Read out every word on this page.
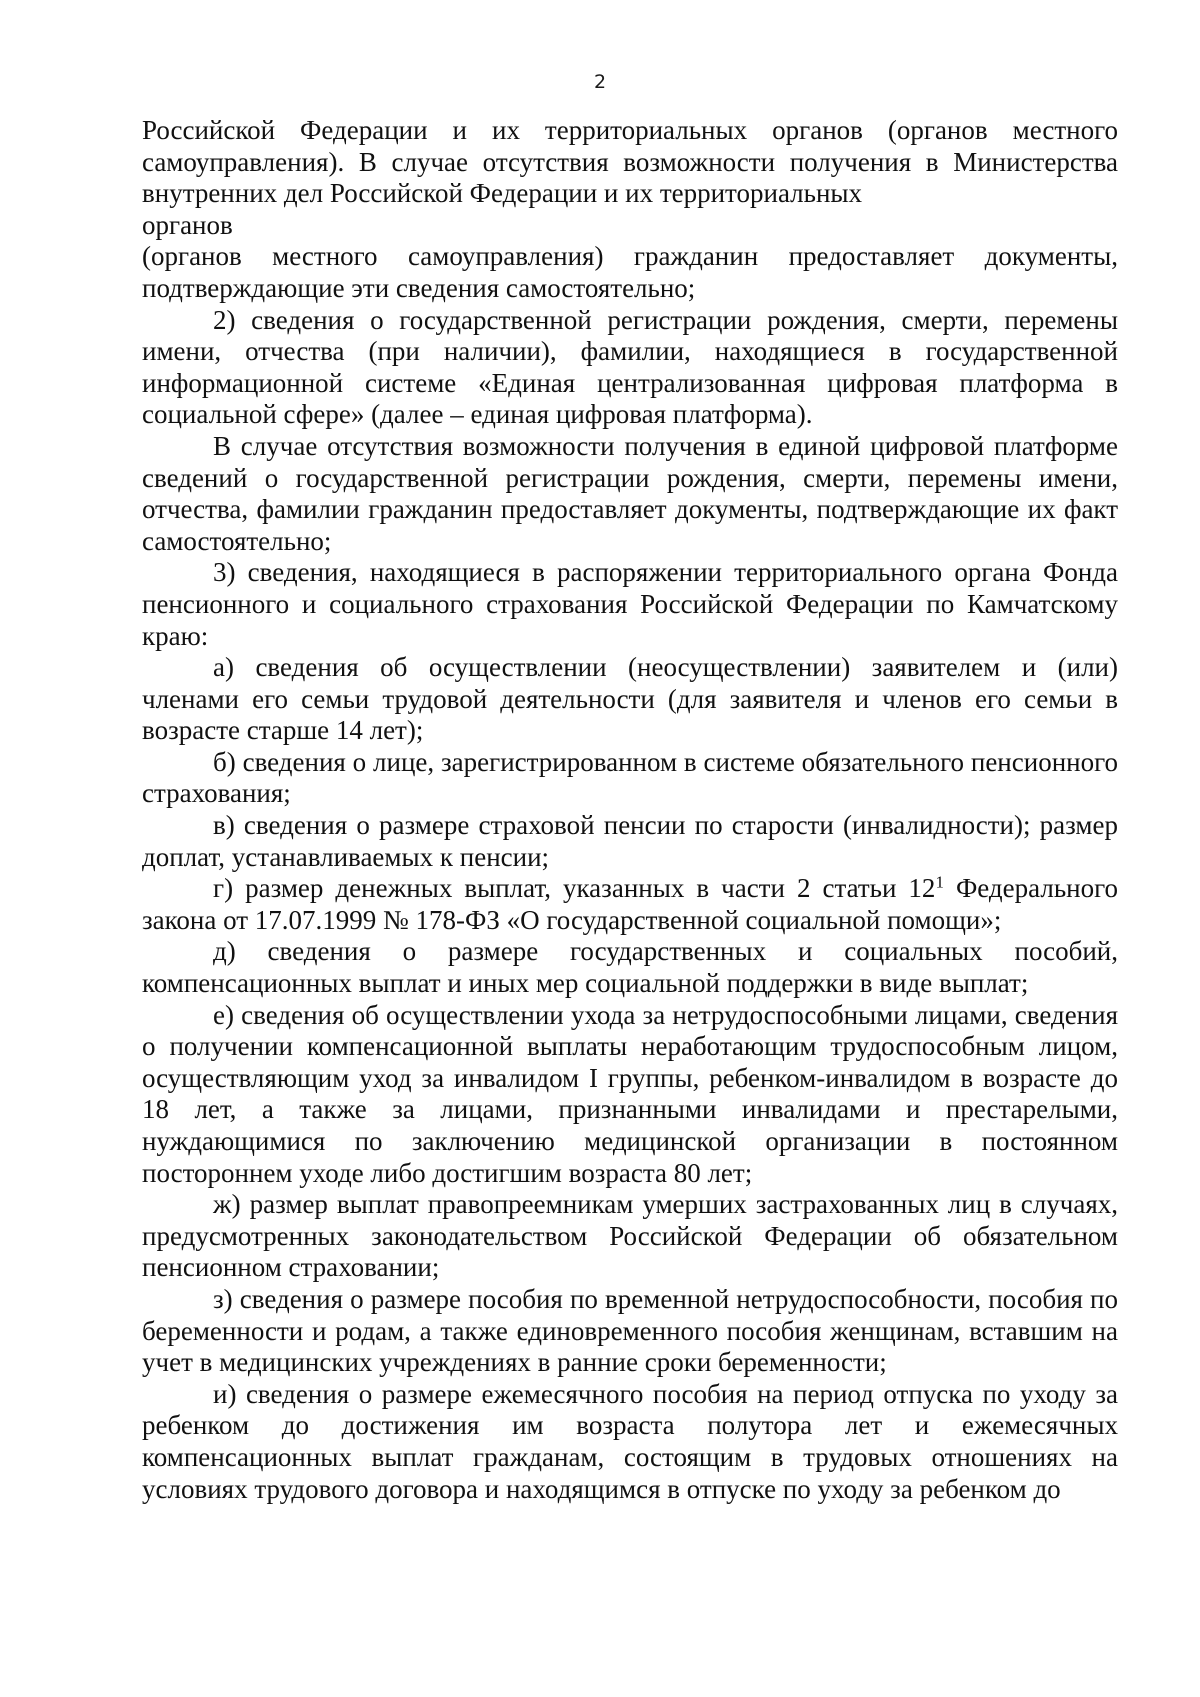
2

Российской Федерации и их территориальных органов (органов местного самоуправления). В случае отсутствия возможности получения в Министерства внутренних дел Российской Федерации и их территориальных

органов

(органов местного самоуправления) гражданин предоставляет документы, подтверждающие эти сведения самостоятельно;

2) сведения о государственной регистрации рождения, смерти, перемены имени, отчества (при наличии), фамилии, находящиеся в государственной информационной системе «Единая централизованная цифровая платформа в социальной сфере» (далее – единая цифровая платформа).

В случае отсутствия возможности получения в единой цифровой платформе сведений о государственной регистрации рождения, смерти, перемены имени, отчества, фамилии гражданин предоставляет документы, подтверждающие их факт самостоятельно;

3) сведения, находящиеся в распоряжении территориального органа Фонда пенсионного и социального страхования Российской Федерации по Камчатскому краю:

а) сведения об осуществлении (неосуществлении) заявителем и (или) членами его семьи трудовой деятельности (для заявителя и членов его семьи в возрасте старше 14 лет);

б) сведения о лице, зарегистрированном в системе обязательного пенсионного страхования;

в) сведения о размере страховой пенсии по старости (инвалидности); размер доплат, устанавливаемых к пенсии;

г) размер денежных выплат, указанных в части 2 статьи $12^1$ Федерального закона от 17.07.1999 № 178-ФЗ «О государственной социальной помощи»;

д) сведения о размере государственных и социальных пособий, компенсационных выплат и иных мер социальной поддержки в виде выплат;

е) сведения об осуществлении ухода за нетрудоспособными лицами, сведения о получении компенсационной выплаты неработающим трудоспособным лицом, осуществляющим уход за инвалидом I группы, ребенком-инвалидом в возрасте до 18 лет, а также за лицами, признанными инвалидами и престарелыми, нуждающимися по заключению медицинской организации в постоянном постороннем уходе либо достигшим возраста 80 лет;

ж) размер выплат правопреемникам умерших застрахованных лиц в случаях, предусмотренных законодательством Российской Федерации об обязательном пенсионном страховании;

з) сведения о размере пособия по временной нетрудоспособности, пособия по беременности и родам, а также единовременного пособия женщинам, вставшим на учет в медицинских учреждениях в ранние сроки беременности;

и) сведения о размере ежемесячного пособия на период отпуска по уходу за ребенком до достижения им возраста полутора лет и ежемесячных компенсационных выплат гражданам, состоящим в трудовых отношениях на условиях трудового договора и находящимся в отпуске по уходу за ребенком до
